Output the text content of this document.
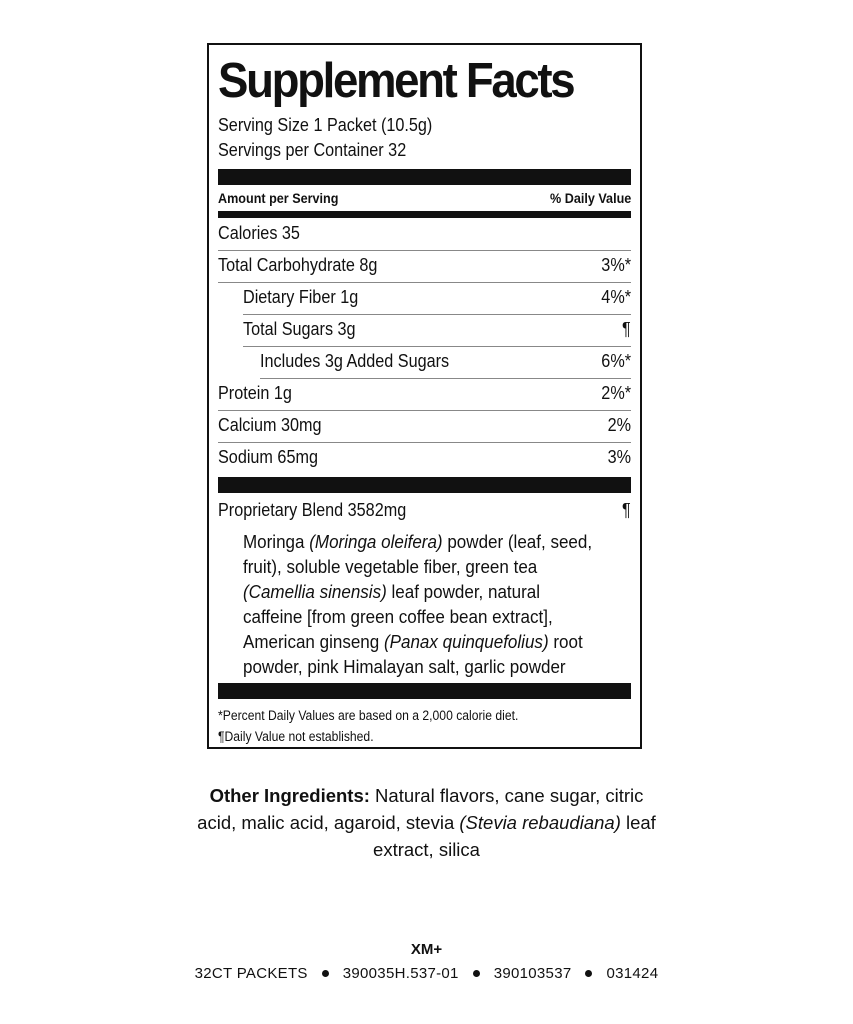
Supplement Facts
Serving Size 1 Packet (10.5g)
Servings per Container 32
Amount per Serving	% Daily Value
Calories 35
Total Carbohydrate 8g	3%*
Dietary Fiber 1g	4%*
Total Sugars 3g	¶
Includes 3g Added Sugars	6%*
Protein 1g	2%*
Calcium 30mg	2%
Sodium 65mg	3%
Proprietary Blend 3582mg	¶
Moringa (Moringa oleifera) powder (leaf, seed, fruit), soluble vegetable fiber, green tea (Camellia sinensis) leaf powder, natural caffeine [from green coffee bean extract], American ginseng (Panax quinquefolius) root powder, pink Himalayan salt, garlic powder
*Percent Daily Values are based on a 2,000 calorie diet.
¶Daily Value not established.
Other Ingredients: Natural flavors, cane sugar, citric acid, malic acid, agaroid, stevia (Stevia rebaudiana) leaf extract, silica
XM+
32CT PACKETS 390035H.537-01 390103537 031424
